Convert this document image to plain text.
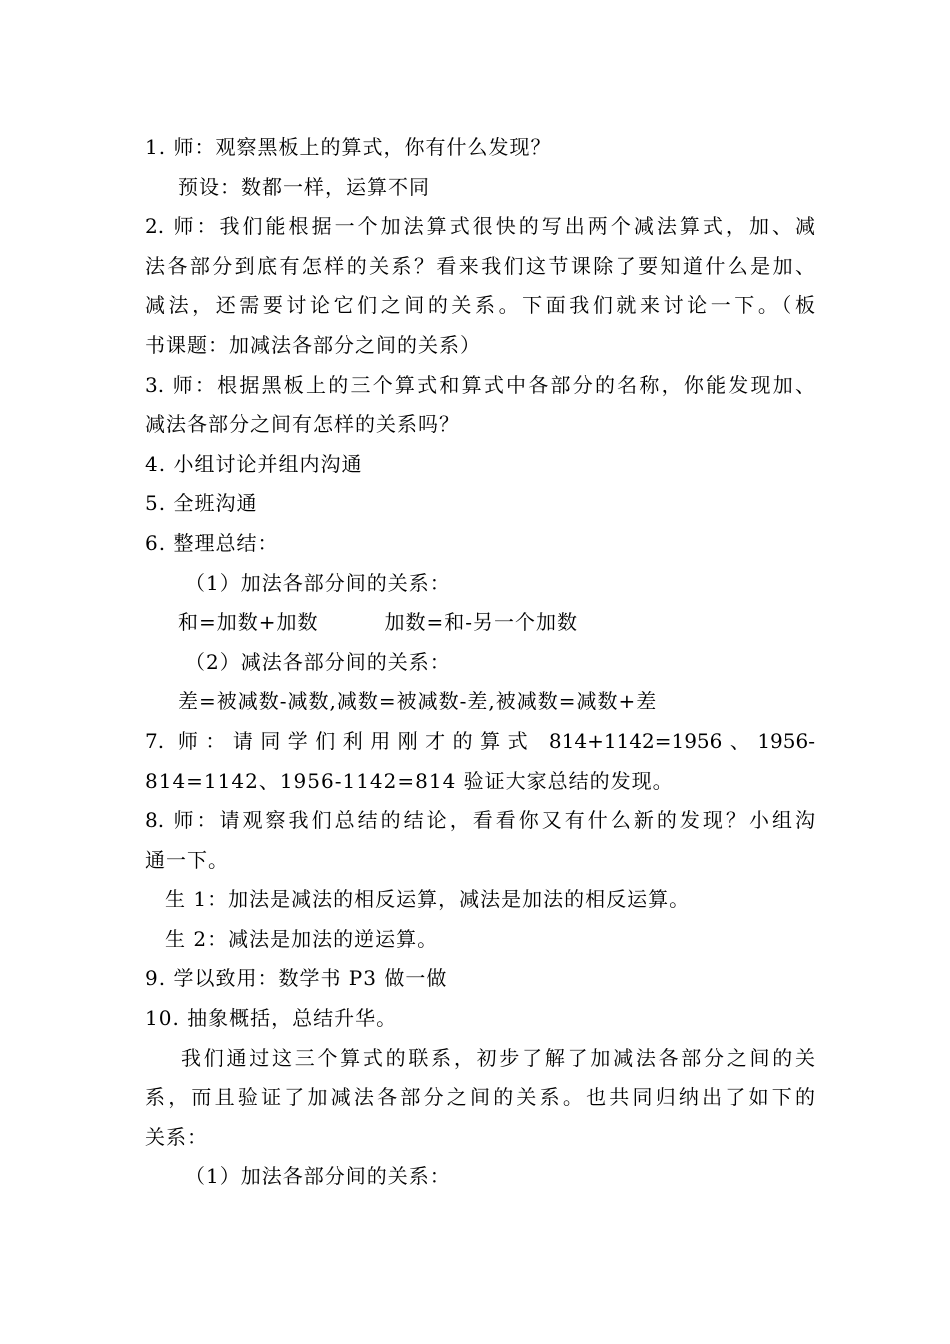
1. 师：观察黑板上的算式，你有什么发现？
预设：数都一样，运算不同
2. 师：我们能根据一个加法算式很快的写出两个减法算式，加、减
法各部分到底有怎样的关系？看来我们这节课除了要知道什么是加、
减法，还需要讨论它们之间的关系。下面我们就来讨论一下。（板
书课题：加减法各部分之间的关系）
3. 师：根据黑板上的三个算式和算式中各部分的名称，你能发现加、
减法各部分之间有怎样的关系吗？
4. 小组讨论并组内沟通
5. 全班沟通
6. 整理总结：
（1）加法各部分间的关系：
和=加数+加数	加数=和-另一个加数
（2）减法各部分间的关系：
差=被减数-减数,减数=被减数-差,被减数=减数+差
7. 师：请同学们利用刚才的算式 814+1142=1956、1956-
814=1142、1956-1142=814 验证大家总结的发现。
8. 师：请观察我们总结的结论，看看你又有什么新的发现？小组沟
通一下。
生 1：加法是减法的相反运算，减法是加法的相反运算。
生 2：减法是加法的逆运算。
9. 学以致用：数学书 P3 做一做
10. 抽象概括，总结升华。
我们通过这三个算式的联系，初步了解了加减法各部分之间的关
系，而且验证了加减法各部分之间的关系。也共同归纳出了如下的
关系：
（1）加法各部分间的关系：
